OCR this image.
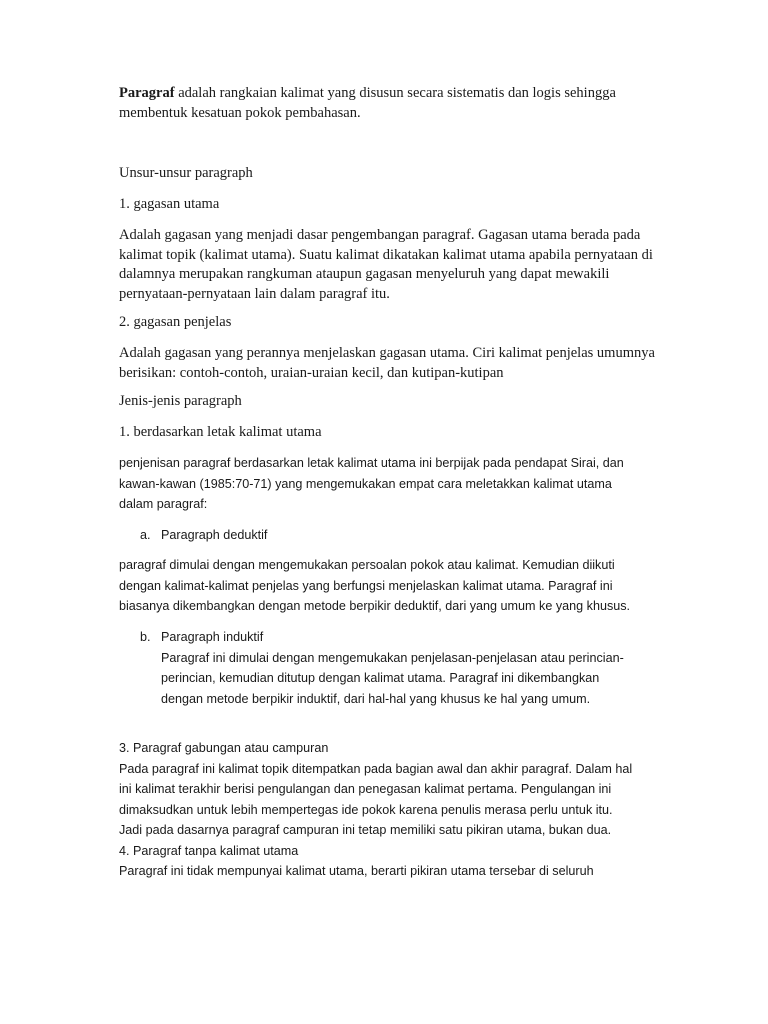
Paragraf adalah rangkaian kalimat yang disusun secara sistematis dan logis sehingga
membentuk kesatuan pokok pembahasan.

Unsur-unsur paragraph

1. gagasan utama

Adalah gagasan yang menjadi dasar pengembangan paragraf. Gagasan utama berada pada
kalimat topik (kalimat utama). Suatu kalimat dikatakan kalimat utama apabila pernyataan di
dalamnya merupakan rangkuman ataupun gagasan menyeluruh yang dapat mewakili
pernyataan-pernyataan lain dalam paragraf itu.

2. gagasan penjelas

Adalah gagasan yang perannya menjelaskan gagasan utama. Ciri kalimat penjelas umumnya
berisikan: contoh-contoh, uraian-uraian kecil, dan kutipan-kutipan

Jenis-jenis paragraph

1. berdasarkan letak kalimat utama

penjenisan paragraf berdasarkan letak kalimat utama ini berpijak pada pendapat Sirai, dan
kawan-kawan (1985:70-71) yang mengemukakan empat cara meletakkan kalimat utama
dalam paragraf:

a. Paragraph deduktif

paragraf dimulai dengan mengemukakan persoalan pokok atau kalimat. Kemudian diikuti
dengan kalimat-kalimat penjelas yang berfungsi menjelaskan kalimat utama. Paragraf ini
biasanya dikembangkan dengan metode berpikir deduktif, dari yang umum ke yang khusus.

b. Paragraph induktif
Paragraf ini dimulai dengan mengemukakan penjelasan-penjelasan atau perincian-
perincian, kemudian ditutup dengan kalimat utama. Paragraf ini dikembangkan
dengan metode berpikir induktif, dari hal-hal yang khusus ke hal yang umum.

3. Paragraf gabungan atau campuran
Pada paragraf ini kalimat topik ditempatkan pada bagian awal dan akhir paragraf. Dalam hal
ini kalimat terakhir berisi pengulangan dan penegasan kalimat pertama. Pengulangan ini
dimaksudkan untuk lebih mempertegas ide pokok karena penulis merasa perlu untuk itu.
Jadi pada dasarnya paragraf campuran ini tetap memiliki satu pikiran utama, bukan dua.
4. Paragraf tanpa kalimat utama
Paragraf ini tidak mempunyai kalimat utama, berarti pikiran utama tersebar di seluruh
